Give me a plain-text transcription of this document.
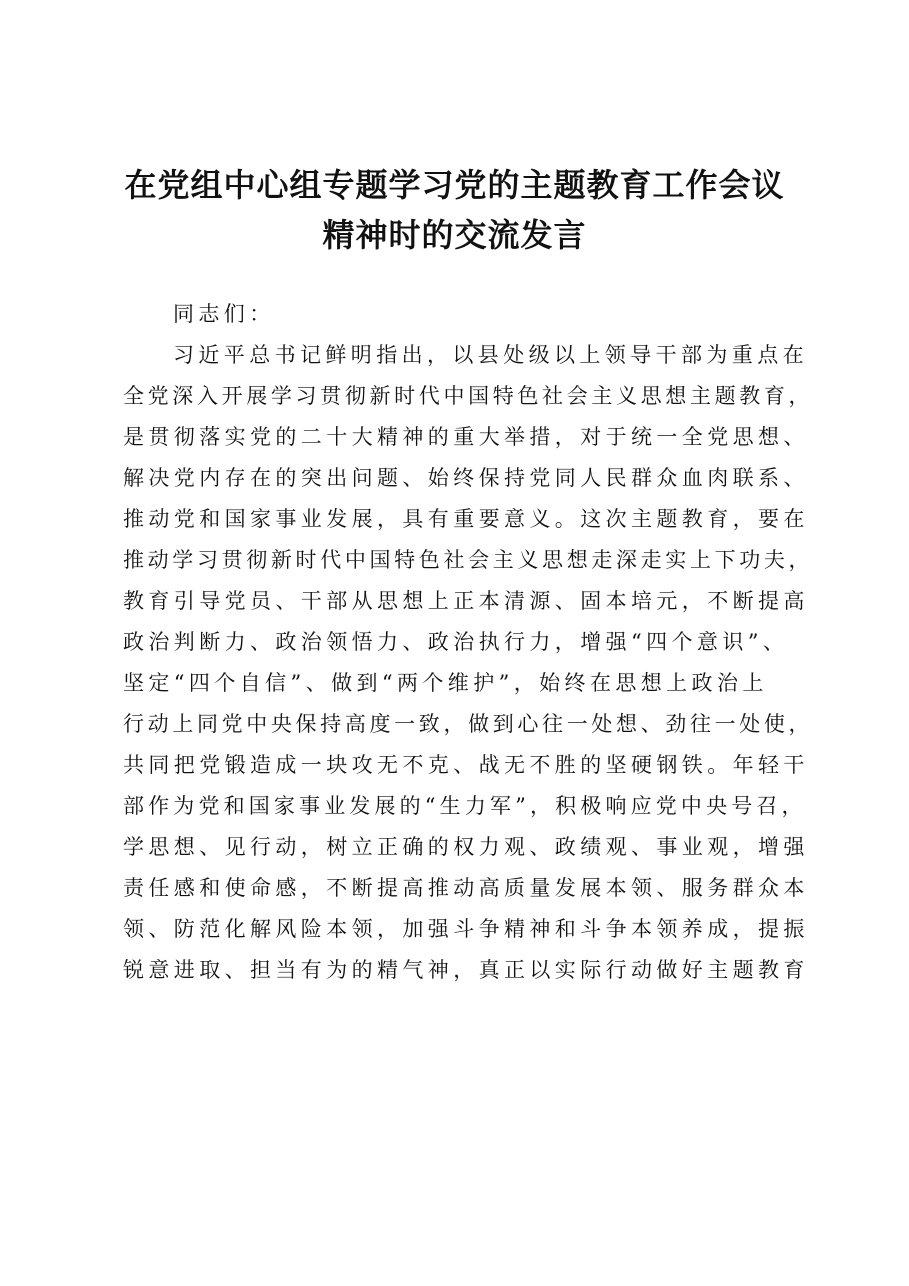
在党组中心组专题学习党的主题教育工作会议
精神时的交流发言
同志们：
习近平总书记鲜明指出，以县处级以上领导干部为重点在
全党深入开展学习贯彻新时代中国特色社会主义思想主题教育，
是贯彻落实党的二十大精神的重大举措，对于统一全党思想、
解决党内存在的突出问题、始终保持党同人民群众血肉联系、
推动党和国家事业发展，具有重要意义。这次主题教育，要在
推动学习贯彻新时代中国特色社会主义思想走深走实上下功夫，
教育引导党员、干部从思想上正本清源、固本培元，不断提高
政治判断力、政治领悟力、政治执行力，增强“四个意识”、
坚定“四个自信”、做到“两个维护”，始终在思想上政治上
行动上同党中央保持高度一致，做到心往一处想、劲往一处使，
共同把党锻造成一块攻无不克、战无不胜的坚硬钢铁。年轻干
部作为党和国家事业发展的“生力军”，积极响应党中央号召，
学思想、见行动，树立正确的权力观、政绩观、事业观，增强
责任感和使命感，不断提高推动高质量发展本领、服务群众本
领、防范化解风险本领，加强斗争精神和斗争本领养成，提振
锐意进取、担当有为的精气神，真正以实际行动做好主题教育
